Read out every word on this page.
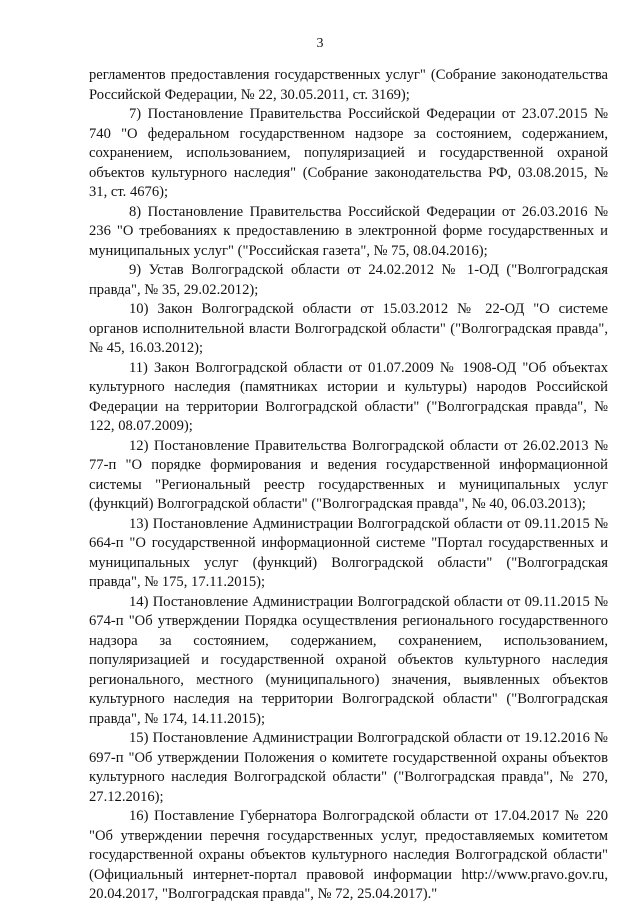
3

регламентов предоставления государственных услуг" (Собрание законодательства Российской Федерации, № 22, 30.05.2011, ст. 3169);

7) Постановление Правительства Российской Федерации от 23.07.2015 № 740 "О федеральном государственном надзоре за состоянием, содержанием, сохранением, использованием, популяризацией и государственной охраной объектов культурного наследия" (Собрание законодательства РФ, 03.08.2015, № 31, ст. 4676);

8) Постановление Правительства Российской Федерации от 26.03.2016 № 236 "О требованиях к предоставлению в электронной форме государственных и муниципальных услуг" ("Российская газета", № 75, 08.04.2016);

9) Устав Волгоградской области от 24.02.2012 № 1-ОД ("Волгоградская правда", № 35, 29.02.2012);

10) Закон Волгоградской области от 15.03.2012 № 22-ОД "О системе органов исполнительной власти Волгоградской области" ("Волгоградская правда", № 45, 16.03.2012);

11) Закон Волгоградской области от 01.07.2009 № 1908-ОД "Об объектах культурного наследия (памятниках истории и культуры) народов Российской Федерации на территории Волгоградской области" ("Волгоградская правда", № 122, 08.07.2009);

12) Постановление Правительства Волгоградской области от 26.02.2013 № 77-п "О порядке формирования и ведения государственной информационной системы "Региональный реестр государственных и муниципальных услуг (функций) Волгоградской области" ("Волгоградская правда", № 40, 06.03.2013);

13) Постановление Администрации Волгоградской области от 09.11.2015 № 664-п "О государственной информационной системе "Портал государственных и муниципальных услуг (функций) Волгоградской области" ("Волгоградская правда", № 175, 17.11.2015);

14) Постановление Администрации Волгоградской области от 09.11.2015 № 674-п "Об утверждении Порядка осуществления регионального государственного надзора за состоянием, содержанием, сохранением, использованием, популяризацией и государственной охраной объектов культурного наследия регионального, местного (муниципального) значения, выявленных объектов культурного наследия на территории Волгоградской области" ("Волгоградская правда", № 174, 14.11.2015);

15) Постановление Администрации Волгоградской области от 19.12.2016 № 697-п "Об утверждении Положения о комитете государственной охраны объектов культурного наследия Волгоградской области" ("Волгоградская правда", № 270, 27.12.2016);

16) Поставление Губернатора Волгоградской области от 17.04.2017 № 220 "Об утверждении перечня государственных услуг, предоставляемых комитетом государственной охраны объектов культурного наследия Волгоградской области" (Официальный интернет-портал правовой информации http://www.pravo.gov.ru, 20.04.2017, "Волгоградская правда", № 72, 25.04.2017)."
